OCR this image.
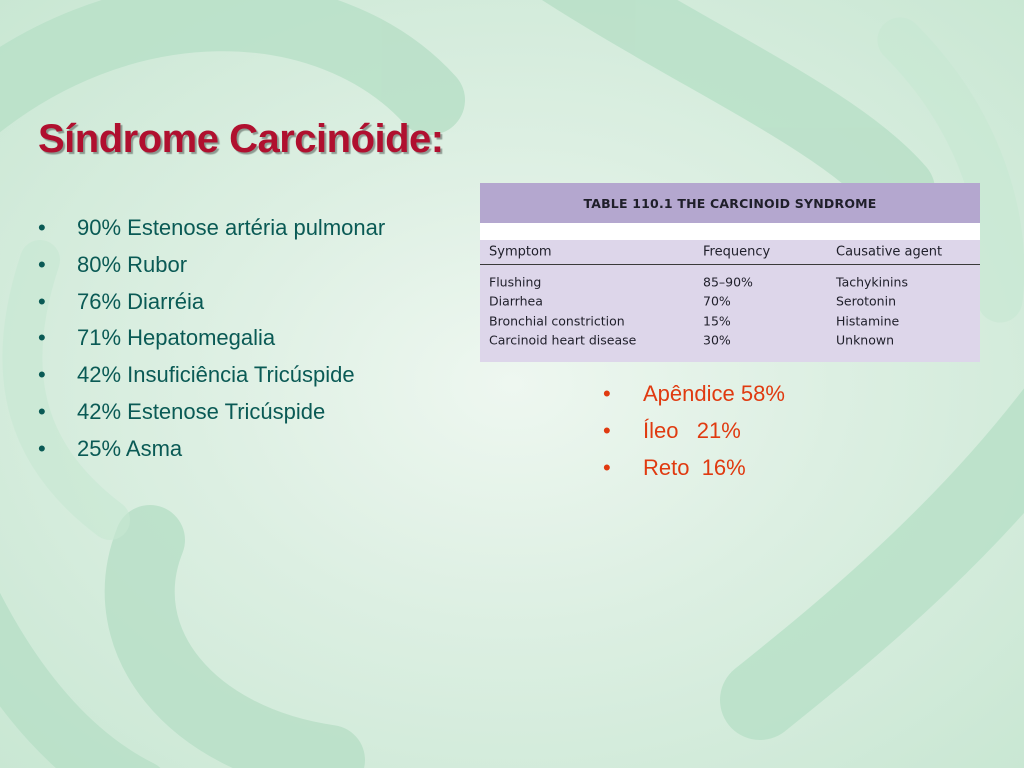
Síndrome Carcinóide:
• 90% Estenose artéria pulmonar
• 80% Rubor
• 76% Diarréia
• 71% Hepatomegalia
• 42% Insuficiência Tricúspide
• 42% Estenose Tricúspide
• 25% Asma
TABLE 110.1 THE CARCINOID SYNDROME
Symptom	Frequency	Causative agent
Flushing	85–90%	Tachykinins
Diarrhea	70%	Serotonin
Bronchial constriction	15%	Histamine
Carcinoid heart disease	30%	Unknown
• Apêndice 58%
• Íleo   21%
• Reto  16%
